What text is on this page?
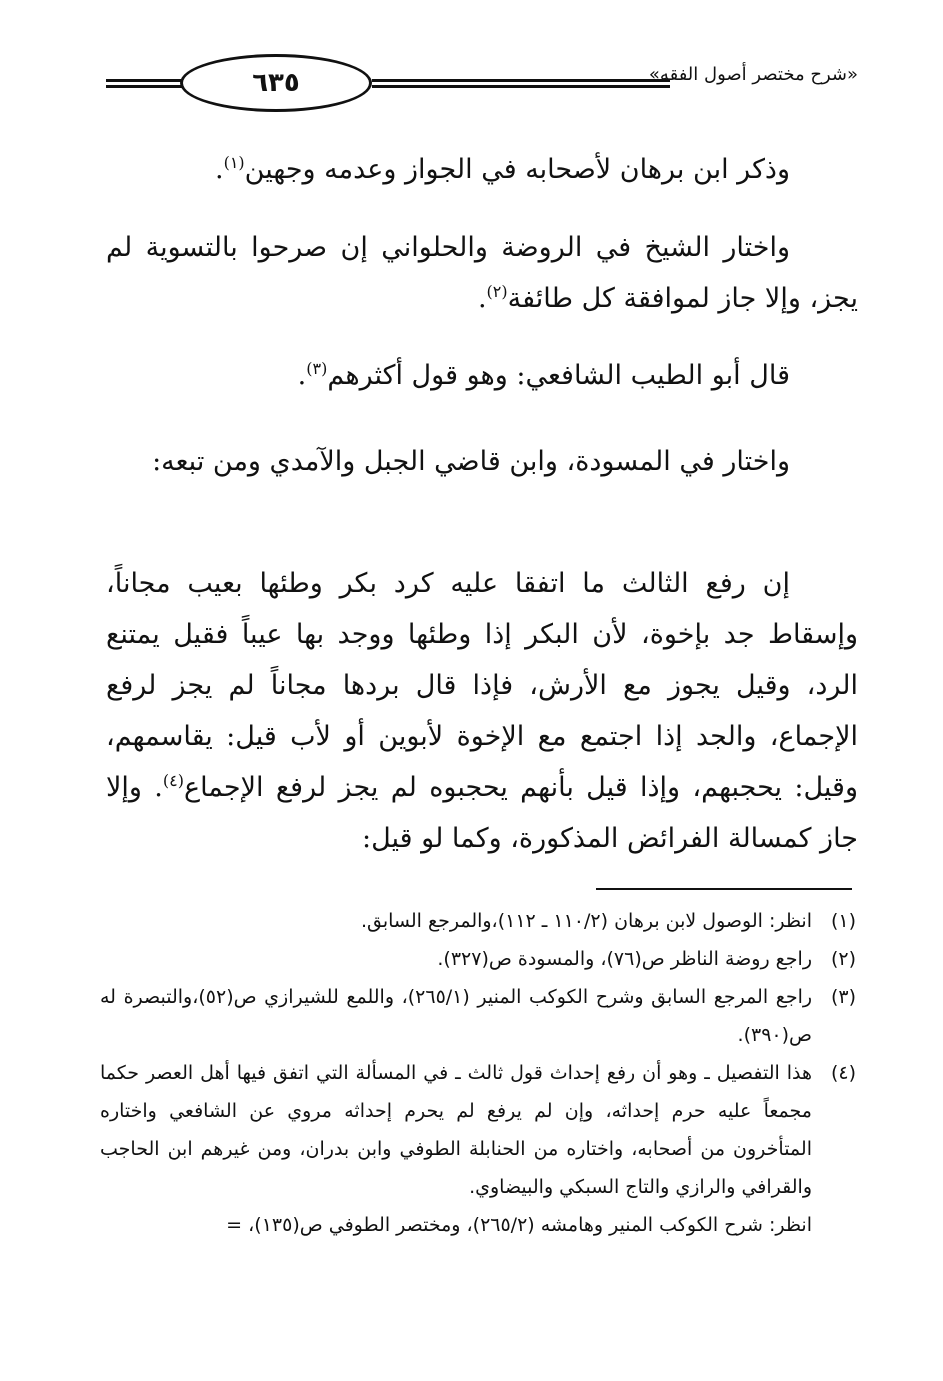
٦٣٥	«شرح مختصر أصول الفقه»

وذكر ابن برهان لأصحابه في الجواز وعدمه وجهين$^{(١)}$.

واختار الشيخ في الروضة والحلواني إن صرحوا بالتسوية لم يجز، وإلا جاز لموافقة كل طائفة$^{(٢)}$.

قال أبو الطيب الشافعي: وهو قول أكثرهم$^{(٣)}$.

واختار في المسودة، وابن قاضي الجبل والآمدي ومن تبعه:

إن رفع الثالث ما اتفقا عليه كرد بكر وطئها بعيب مجاناً، وإسقاط جد بإخوة، لأن البكر إذا وطئها ووجد بها عيباً فقيل يمتنع الرد، وقيل يجوز مع الأرش، فإذا قال بردها مجاناً لم يجز لرفع الإجماع، والجد إذا اجتمع مع الإخوة لأبوين أو لأب قيل: يقاسمهم، وقيل: يحجبهم، وإذا قيل بأنهم يحجبوه لم يجز لرفع الإجماع$^{(٤)}$. وإلا جاز كمسالة الفرائض المذكورة، وكما لو قيل:

(١)
انظر: الوصول لابن برهان (١١٠/٢ ـ ١١٢)،والمرجع السابق.

(٢)
راجع روضة الناظر ص(٧٦)، والمسودة ص(٣٢٧).

(٣)
راجع المرجع السابق وشرح الكوكب المنير (٢٦٥/١)، واللمع للشيرازي ص(٥٢)،والتبصرة له ص(٣٩٠).

(٤)
هذا التفصيل ـ وهو أن رفع إحداث قول ثالث ـ في المسألة التي اتفق فيها أهل العصر حكما مجمعاً عليه حرم إحداثه، وإن لم يرفع لم يحرم إحداثه مروي عن الشافعي واختاره المتأخرون من أصحابه، واختاره من الحنابلة الطوفي وابن بدران، ومن غيرهم ابن الحاجب والقرافي والرازي والتاج السبكي والبيضاوي.

انظر: شرح الكوكب المنير وهامشه (٢٦٥/٢)، ومختصر الطوفي ص(١٣٥)، =
